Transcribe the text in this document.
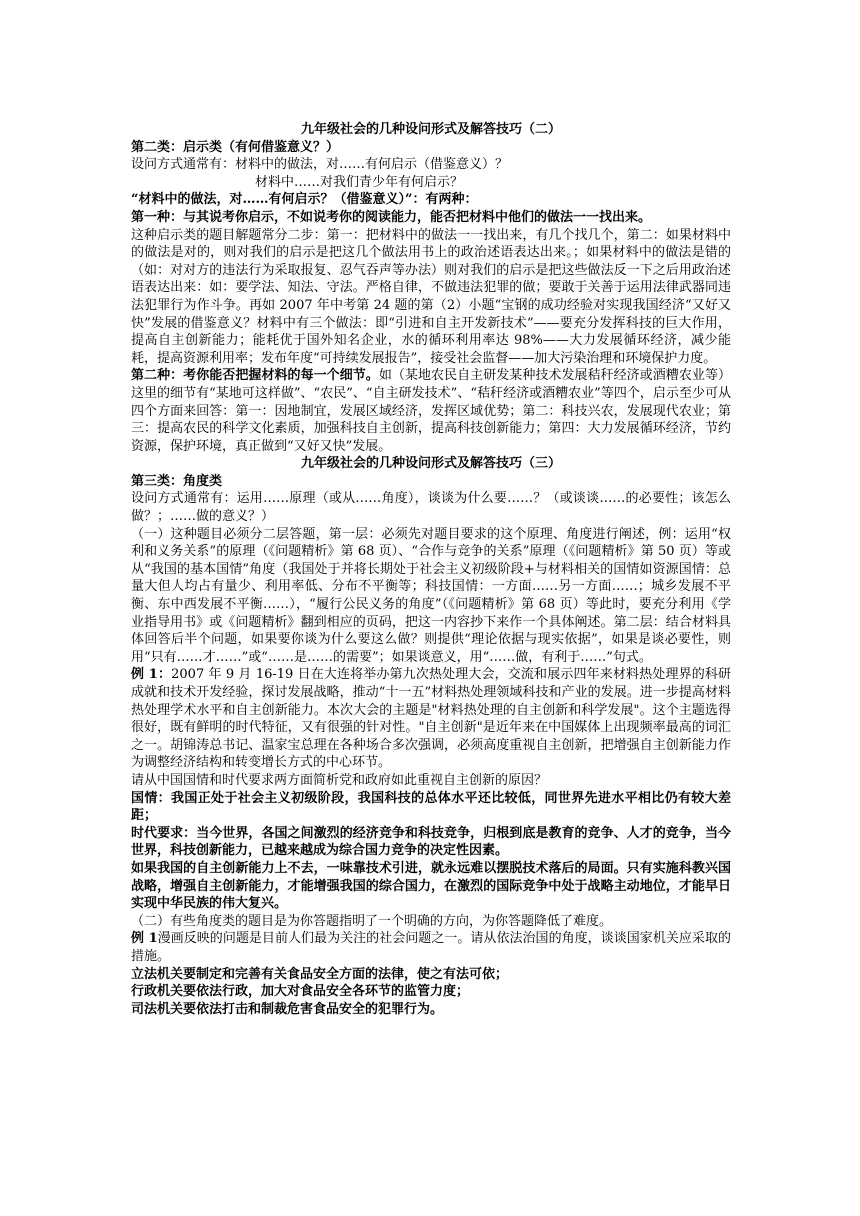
九年级社会的几种设问形式及解答技巧（二）

第二类：启示类（有何借鉴意义？）

设问方式通常有：材料中的做法，对……有何启示（借鉴意义）？

材料中……对我们青少年有何启示？

“材料中的做法，对……有何启示？（借鉴意义）”：有两种：

第一种：与其说考你启示，不如说考你的阅读能力，能否把材料中他们的做法一一找出来。

这种启示类的题目解题常分二步：第一：把材料中的做法一一找出来，有几个找几个，第二：如果材料中的做法是对的，则对我们的启示是把这几个做法用书上的政治述语表达出来。；如果材料中的做法是错的（如：对对方的违法行为采取报复、忍气吞声等办法）则对我们的启示是把这些做法反一下之后用政治述语表达出来：如：要学法、知法、守法。严格自律，不做违法犯罪的做；要敢于关善于运用法律武器同违法犯罪行为作斗争。再如 2007 年中考第 24 题的第（2）小题“宝钢的成功经验对实现我国经济“又好又快”发展的借鉴意义？材料中有三个做法：即“引进和自主开发新技术”——要充分发挥科技的巨大作用，提高自主创新能力；能耗优于国外知名企业，水的循环利用率达 98%——大力发展循环经济，减少能耗，提高资源利用率；发布年度“可持续发展报告”，接受社会监督——加大污染治理和环境保护力度。

第二种：考你能否把握材料的每一个细节。如（某地农民自主研发某种技术发展秸秆经济或酒糟农业等）这里的细节有“某地可这样做”、“农民”、“自主研发技术”、“秸秆经济或酒糟农业”等四个，启示至少可从四个方面来回答：第一：因地制宜，发展区域经济，发挥区域优势；第二：科技兴农，发展现代农业；第三：提高农民的科学文化素质，加强科技自主创新，提高科技创新能力；第四：大力发展循环经济，节约资源，保护环境，真正做到“又好又快”发展。

九年级社会的几种设问形式及解答技巧（三）

第三类：角度类

设问方式通常有：运用……原理（或从……角度），谈谈为什么要……？（或谈谈……的必要性；该怎么做？；……做的意义？）

（一）这种题目必须分二层答题，第一层：必须先对题目要求的这个原理、角度进行阐述，例：运用“权利和义务关系”的原理（《问题精析》第 68 页）、“合作与竞争的关系”原理（《问题精析》第 50 页）等或从“我国的基本国情”角度（我国处于并将长期处于社会主义初级阶段+与材料相关的国情如资源国情：总量大但人均占有量少、利用率低、分布不平衡等；科技国情：一方面……另一方面……；城乡发展不平衡、东中西发展不平衡……），“履行公民义务的角度”（《问题精析》第 68 页）等此时，要充分利用《学业指导用书》或《问题精析》翻到相应的页码，把这一内容抄下来作一个具体阐述。第二层：结合材料具体回答后半个问题，如果要你谈为什么要这么做？则提供“理论依据与现实依据”，如果是谈必要性，则用“只有……才……”或“……是……的需要”；如果谈意义，用“……做，有利于……”句式。

例 1：2007 年 9 月 16-19 日在大连将举办第九次热处理大会，交流和展示四年来材料热处理界的科研成就和技术开发经验，探讨发展战略，推动“十一五”材料热处理领域科技和产业的发展。进一步提高材料热处理学术水平和自主创新能力。本次大会的主题是"材料热处理的自主创新和科学发展"。这个主题选得很好，既有鲜明的时代特征，又有很强的针对性。"自主创新"是近年来在中国媒体上出现频率最高的词汇之一。胡锦涛总书记、温家宝总理在各种场合多次强调，必须高度重视自主创新，把增强自主创新能力作为调整经济结构和转变增长方式的中心环节。

请从中国国情和时代要求两方面简析党和政府如此重视自主创新的原因？

国情：我国正处于社会主义初级阶段，我国科技的总体水平还比较低，同世界先进水平相比仍有较大差距；

时代要求：当今世界，各国之间激烈的经济竞争和科技竞争，归根到底是教育的竞争、人才的竞争，当今世界，科技创新能力，已越来越成为综合国力竞争的决定性因素。

如果我国的自主创新能力上不去，一味靠技术引进，就永远难以摆脱技术落后的局面。只有实施科教兴国战略，增强自主创新能力，才能增强我国的综合国力，在激烈的国际竞争中处于战略主动地位，才能早日实现中华民族的伟大复兴。

（二）有些角度类的题目是为你答题指明了一个明确的方向，为你答题降低了难度。

例 1漫画反映的问题是目前人们最为关注的社会问题之一。请从依法治国的角度，谈谈国家机关应采取的措施。

立法机关要制定和完善有关食品安全方面的法律，使之有法可依；

行政机关要依法行政，加大对食品安全各环节的监管力度；

司法机关要依法打击和制裁危害食品安全的犯罪行为。
